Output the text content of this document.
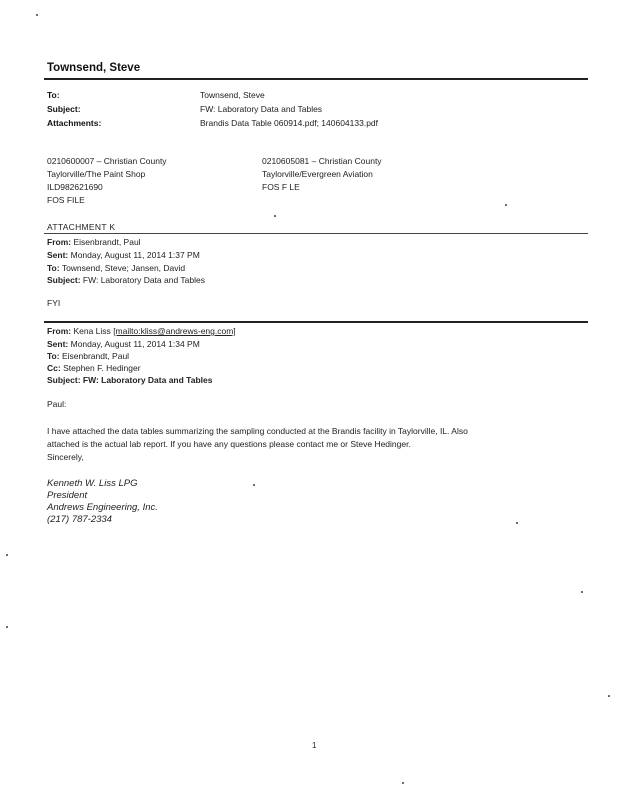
Townsend, Steve
To:	Townsend, Steve
Subject:	FW: Laboratory Data and Tables
Attachments:	Brandis Data Table 060914.pdf; 140604133.pdf
0210600007 – Christian County
Taylorville/The Paint Shop
ILD982621690
FOS FILE
0210605081 – Christian County
Taylorville/Evergreen Aviation
FOS F LE
ATTACHMENT K
From: Eisenbrandt, Paul
Sent: Monday, August 11, 2014 1:37 PM
To: Townsend, Steve; Jansen, David
Subject: FW: Laboratory Data and Tables
FYI
From: Kena Liss [mailto:kliss@andrews-eng.com]
Sent: Monday, August 11, 2014 1:34 PM
To: Eisenbrandt, Paul
Cc: Stephen F. Hedinger
Subject: FW: Laboratory Data and Tables
Paul:
I have attached the data tables summarizing the sampling conducted at the Brandis facility in Taylorville, IL. Also
attached is the actual lab report. If you have any questions please contact me or Steve Hedinger.
Sincerely,
Kenneth W. Liss LPG
President
Andrews Engineering, Inc.
(217) 787-2334
1
